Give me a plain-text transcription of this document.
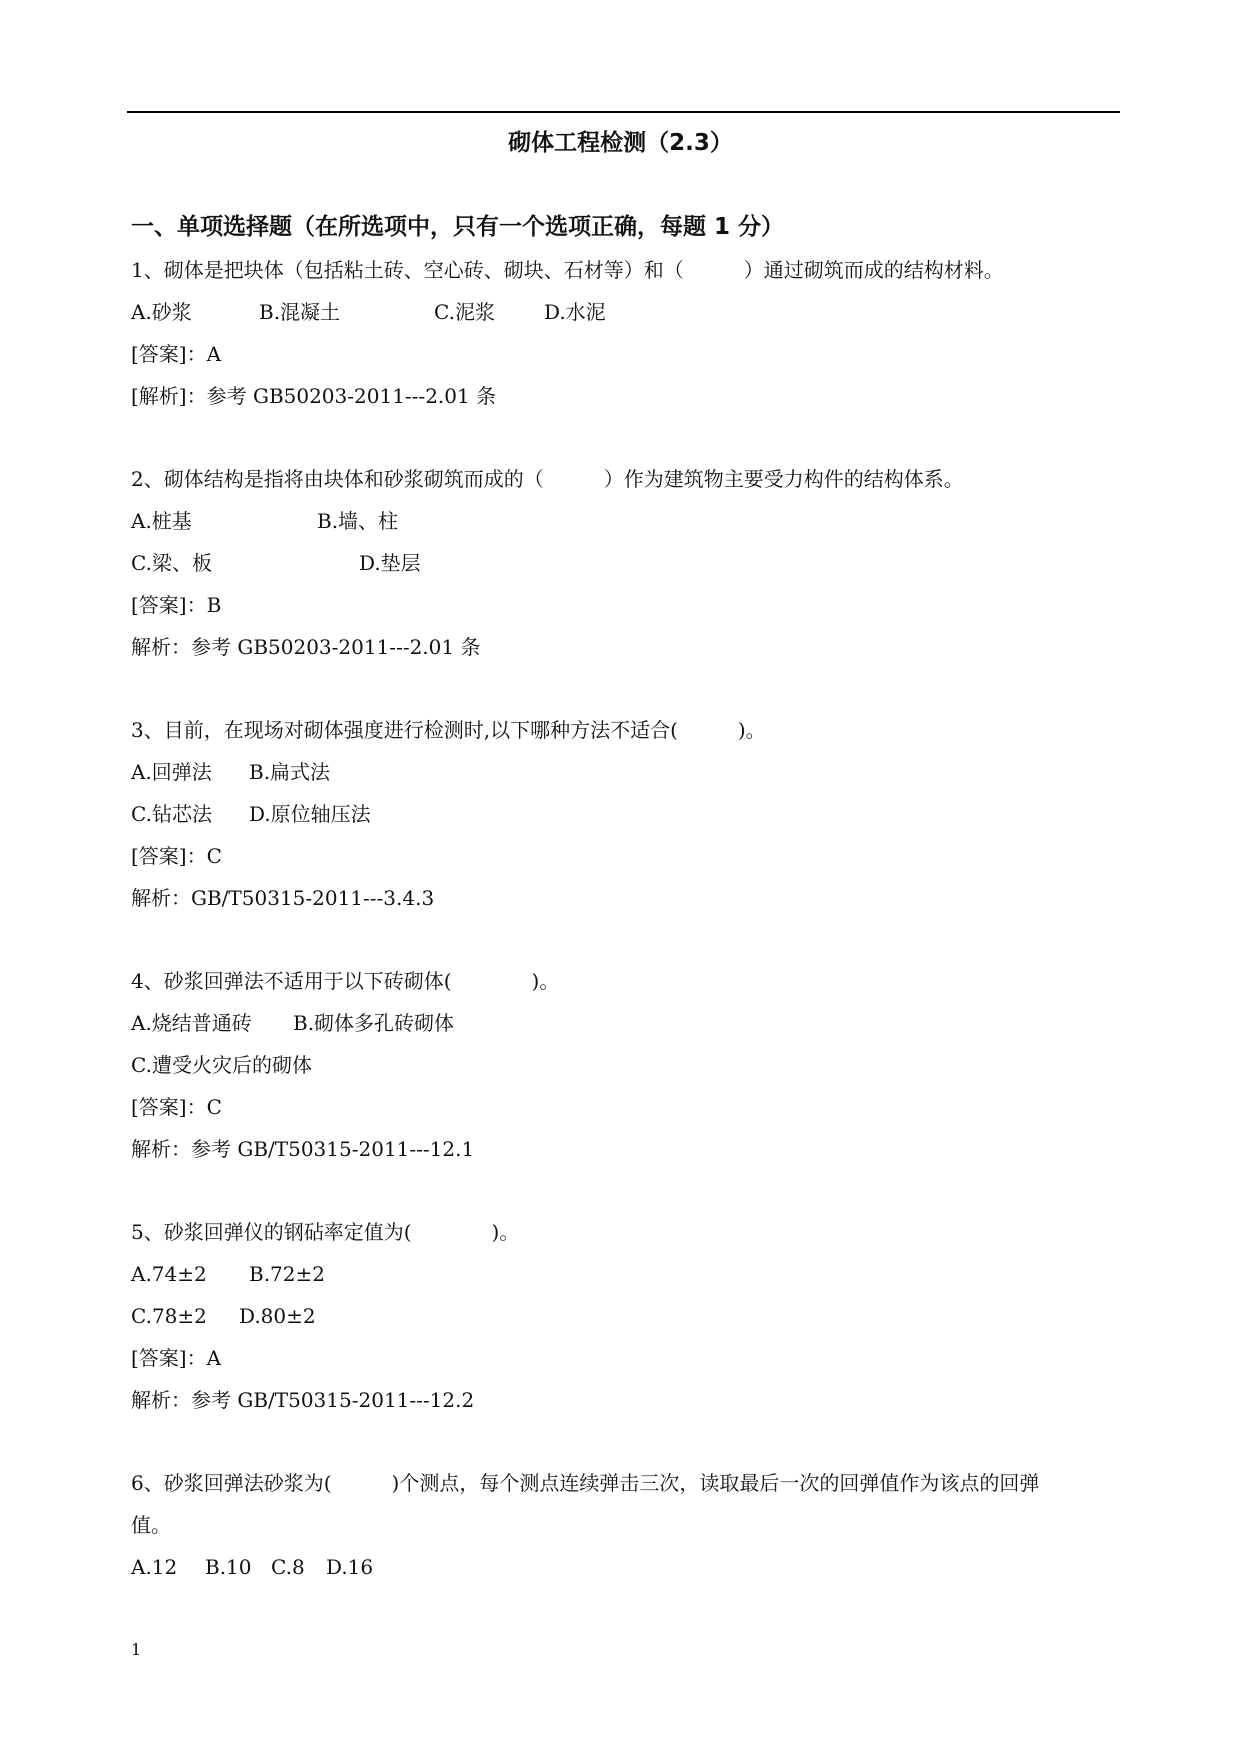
砌体工程检测（2.3）
一、单项选择题（在所选项中，只有一个选项正确，每题 1 分）
1、砌体是把块体（包括粘土砖、空心砖、砌块、石材等）和（　　　）通过砌筑而成的结构材料。
A.砂浆	B.混凝土	C.泥浆 D.水泥
[答案]：A
[解析]：参考 GB50203-2011---2.01 条
2、砌体结构是指将由块体和砂浆砌筑而成的（　　　）作为建筑物主要受力构件的结构体系。
A.桩基	B.墙、柱
C.梁、板	D.垫层
[答案]：B
解析：参考 GB50203-2011---2.01 条
3、目前，在现场对砌体强度进行检测时,以下哪种方法不适合(　　　)。
A.回弹法 B.扁式法
C.钻芯法 D.原位轴压法
[答案]：C
解析：GB/T50315-2011---3.4.3
4、砂浆回弹法不适用于以下砖砌体(　　　　)。
A.烧结普通砖 B.砌体多孔砖砌体
C.遭受火灾后的砌体
[答案]：C
解析：参考 GB/T50315-2011---12.1
5、砂浆回弹仪的钢砧率定值为(　　　　)。
A.74±2 B.72±2
C.78±2 D.80±2
[答案]：A
解析：参考 GB/T50315-2011---12.2
6、砂浆回弹法砂浆为(　　　)个测点，每个测点连续弹击三次，读取最后一次的回弹值作为该点的回弹
值。
A.12 B.10 C.8 D.16
1
